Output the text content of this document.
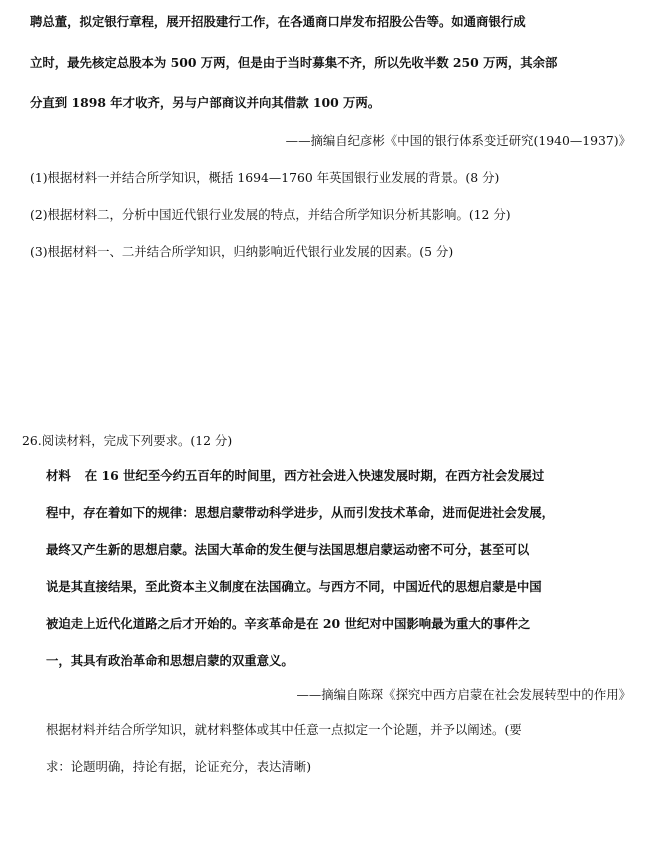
聘总董，拟定银行章程，展开招股建行工作，在各通商口岸发布招股公告等。如通商银行成
立时，最先核定总股本为 500 万两，但是由于当时募集不齐，所以先收半数 250 万两，其余部
分直到 1898 年才收齐，另与户部商议并向其借款 100 万两。
——摘编自纪彦彬《中国的银行体系变迁研究(1940—1937)》
(1)根据材料一并结合所学知识，概括 1694—1760 年英国银行业发展的背景。(8 分)
(2)根据材料二，分析中国近代银行业发展的特点，并结合所学知识分析其影响。(12 分)
(3)根据材料一、二并结合所学知识，归纳影响近代银行业发展的因素。(5 分)
26.阅读材料，完成下列要求。(12 分)
材料 在 16 世纪至今约五百年的时间里，西方社会进入快速发展时期，在西方社会发展过
程中，存在着如下的规律：思想启蒙带动科学进步，从而引发技术革命，进而促进社会发展，
最终又产生新的思想启蒙。法国大革命的发生便与法国思想启蒙运动密不可分，甚至可以
说是其直接结果，至此资本主义制度在法国确立。与西方不同，中国近代的思想启蒙是中国
被迫走上近代化道路之后才开始的。辛亥革命是在 20 世纪对中国影响最为重大的事件之
一，其具有政治革命和思想启蒙的双重意义。
——摘编自陈琛《探究中西方启蒙在社会发展转型中的作用》
根据材料并结合所学知识，就材料整体或其中任意一点拟定一个论题，并予以阐述。(要
求：论题明确，持论有据，论证充分，表达清晰)
